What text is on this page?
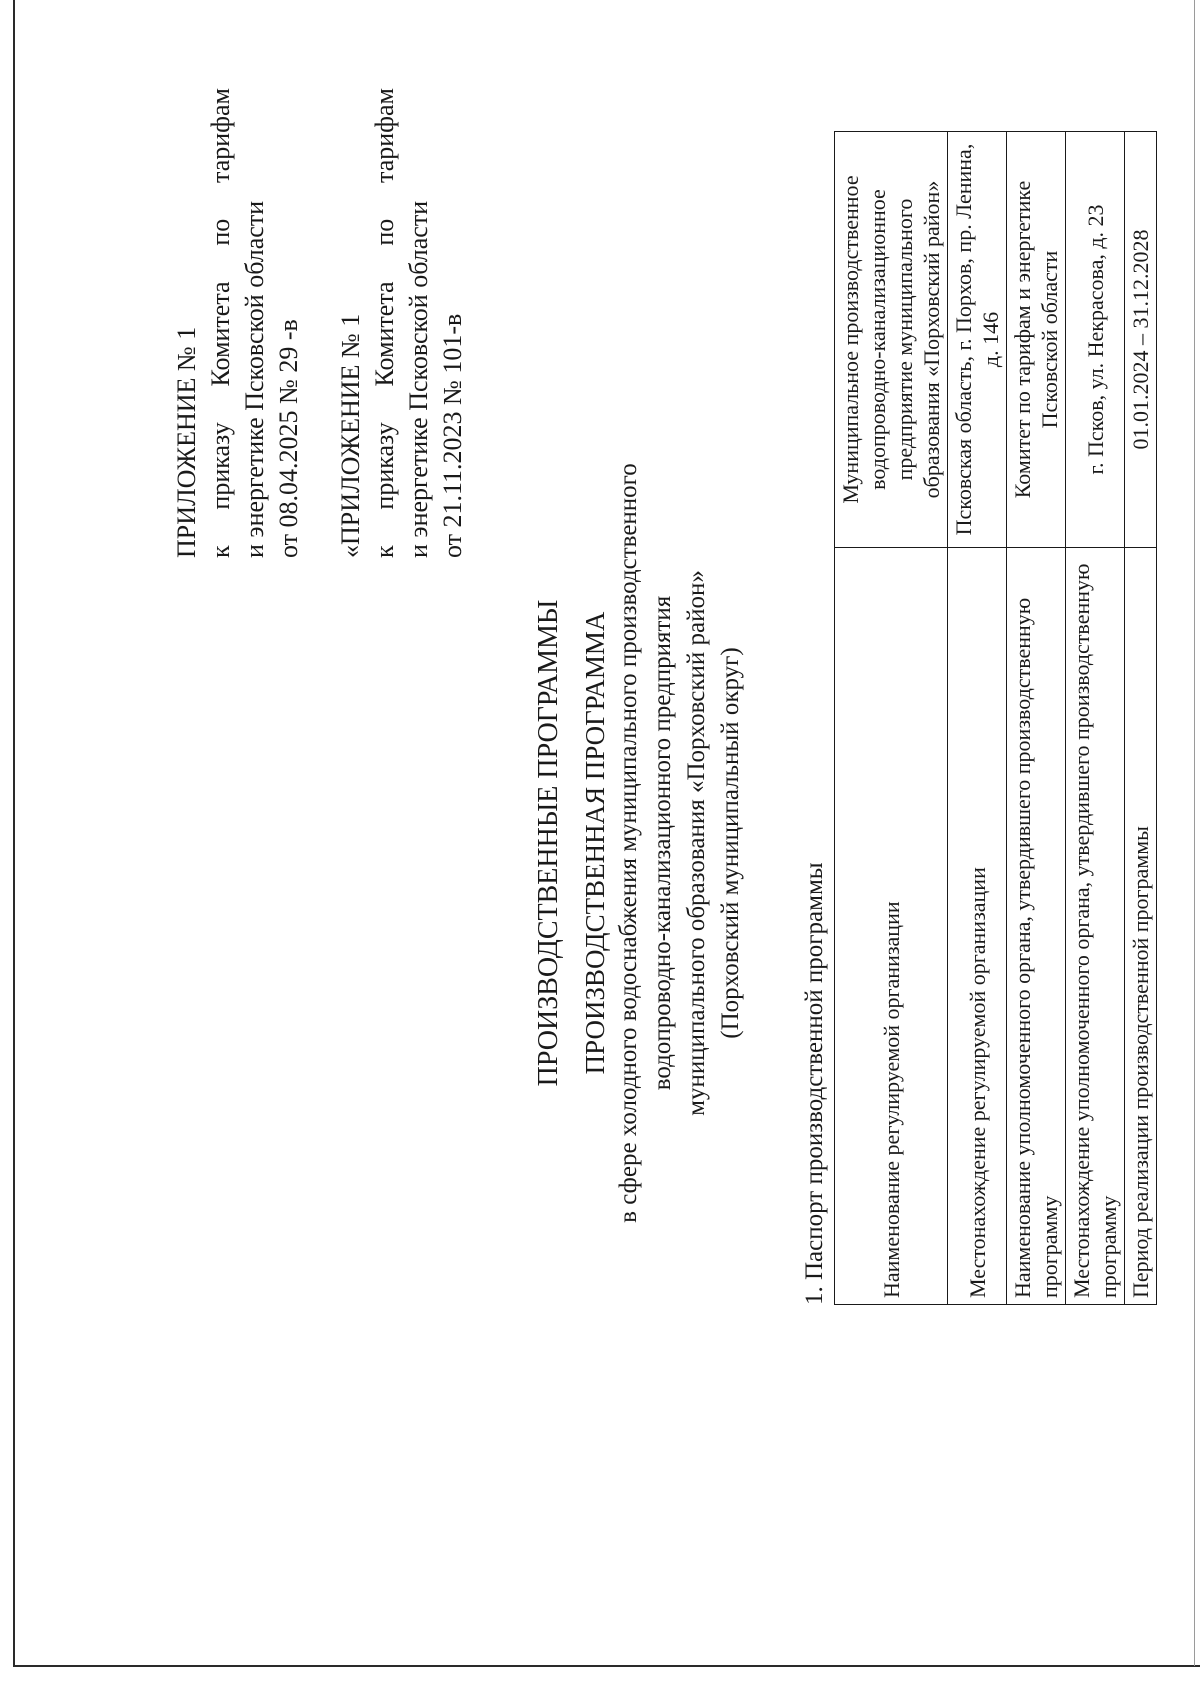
ПРИЛОЖЕНИЕ № 1 к
приказу
Комитета
по
тарифам
и энергетике Псковской области от 08.04.2025 № 29 -в «ПРИЛОЖЕНИЕ № 1 к
приказу
Комитета
по
тарифам
и энергетике Псковской области от 21.11.2023 № 101-в
ПРОИЗВОДСТВЕННЫЕ ПРОГРАММЫ ПРОИЗВОДСТВЕННАЯ ПРОГРАММА в сфере холодного водоснабжения муниципального производственного водопроводно-канализационного предприятия муниципального образования «Порховский район» (Порховский муниципальный округ)
1. Паспорт производственной программы Наименование регулируемой организации	Муниципальное производственное водопроводно-канализационное предприятие муниципального образования «Порховский район»
Местонахождение регулируемой организации	Псковская область, г. Порхов, пр. Ленина, д. 146
Наименование уполномоченного органа, утвердившего производственную программу	Комитет по тарифам и энергетике Псковской области
Местонахождение уполномоченного органа, утвердившего производственную программу	г. Псков, ул. Некрасова, д. 23
Период реализации производственной программы	01.01.2024 – 31.12.2028
